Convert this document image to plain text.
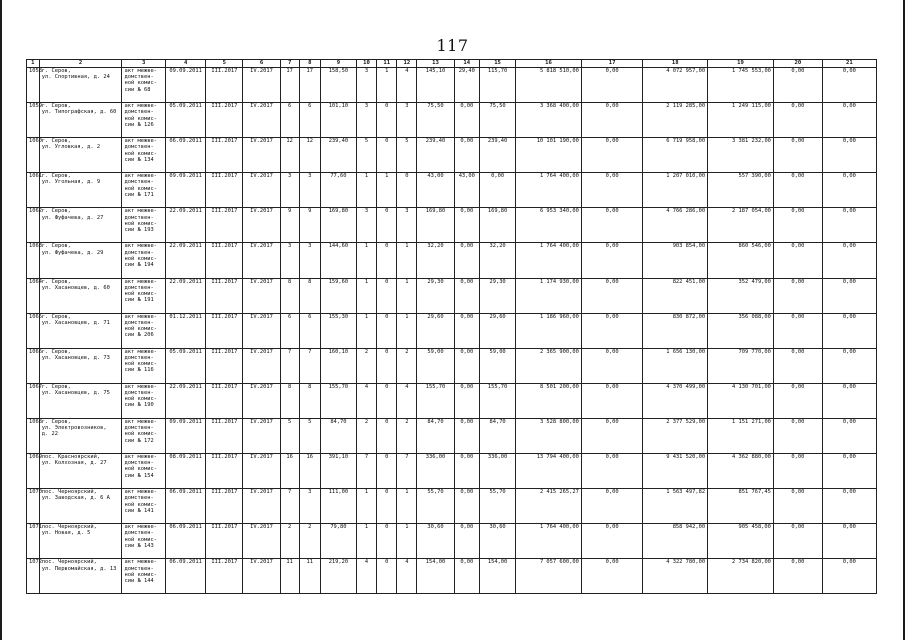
117
1	2	3	4	5	6	7	8	9	10	11	12	13	14	15	16	17	18	19	20	21
1058	г. Серов,
ул. Спортивная, д. 24	акт межве-
домствен-
ной комис-
сии № 68	09.09.2011	III.2017	IV.2017	17	17	158,50	3	1	4	145,10	29,40	115,70	5 818 510,00	0,00	4 072 957,00	1 745 553,00	0,00	0,00
1059	г. Серов,
ул. Типографская, д. 60	акт межве-
домствен-
ной комис-
сии № 126	05.09.2011	III.2017	IV.2017	6	6	101,10	3	0	3	75,50	0,00	75,50	3 368 400,00	0,00	2 119 285,00	1 249 115,00	0,00	0,00
1060	г. Серов,
ул. Угловкая, д. 2	акт межве-
домствен-
ной комис-
сии № 134	06.09.2011	III.2017	IV.2017	12	12	239,40	5	0	5	239,40	0,00	239,40	10 101 190,00	0,00	6 719 958,00	3 381 232,00	0,00	0,00
1061	г. Серов,
ул. Угольная, д. 9	акт межве-
домствен-
ной комис-
сии № 171	09.09.2011	III.2017	IV.2017	3	3	77,60	1	1	0	43,00	43,00	0,00	1 764 400,00	0,00	1 207 010,00	557 390,00	0,00	0,00
1062	г. Серов,
ул. Фуфачева, д. 27	акт межве-
домствен-
ной комис-
сии № 193	22.09.2011	III.2017	IV.2017	9	9	169,80	3	0	3	169,80	0,00	169,80	6 953 340,00	0,00	4 766 286,00	2 187 054,00	0,00	0,00
1063	г. Серов,
ул. Фуфачева, д. 29	акт межве-
домствен-
ной комис-
сии № 194	22.09.2011	III.2017	IV.2017	3	3	144,60	1	0	1	32,20	0,00	32,20	1 764 400,00	0,00	903 854,00	860 546,00	0,00	0,00
1064	г. Серов,
ул. Хасановцев, д. 60	акт межве-
домствен-
ной комис-
сии № 191	22.09.2011	III.2017	IV.2017	8	8	159,60	1	0	1	29,30	0,00	29,30	1 174 930,00	0,00	822 451,00	352 479,00	0,00	0,00
1065	г. Серов,
ул. Хасановцев, д. 71	акт межве-
домствен-
ной комис-
сии № 206	01.12.2011	III.2017	IV.2017	6	6	155,30	1	0	1	29,60	0,00	29,60	1 186 960,00	0,00	830 872,00	356 088,00	0,00	0,00
1066	г. Серов,
ул. Хасановцев, д. 73	акт межве-
домствен-
ной комис-
сии № 116	05.09.2011	III.2017	IV.2017	7	7	160,10	2	0	2	59,00	0,00	59,00	2 365 900,00	0,00	1 656 130,00	709 770,00	0,00	0,00
1067	г. Серов,
ул. Хасановцев, д. 75	акт межве-
домствен-
ной комис-
сии № 190	22.09.2011	III.2017	IV.2017	8	8	155,70	4	0	4	155,70	0,00	155,70	8 501 200,00	0,00	4 370 499,00	4 130 701,00	0,00	0,00
1068	г. Серов,
ул. Электровозников,
д. 22	акт межве-
домствен-
ной комис-
сии № 172	09.09.2011	III.2017	IV.2017	5	5	84,70	2	0	2	84,70	0,00	84,70	3 528 800,00	0,00	2 377 529,00	1 151 271,00	0,00	0,00
1069	пос. Красноярский,
ул. Колхозная, д. 27	акт межве-
домствен-
ной комис-
сии № 154	08.09.2011	III.2017	IV.2017	16	16	391,10	7	0	7	336,00	0,00	336,00	13 794 400,00	0,00	9 431 520,00	4 362 880,00	0,00	0,00
1070	пос. Черноярский,
ул. Заводская, д. 6 А	акт межве-
домствен-
ной комис-
сии № 141	06.09.2011	III.2017	IV.2017	7	3	111,00	1	0	1	55,70	0,00	55,70	2 415 265,27	0,00	1 563 497,82	851 767,45	0,00	0,00
1071	пос. Черноярский,
ул. Новая, д. 5	акт межве-
домствен-
ной комис-
сии № 143	06.09.2011	III.2017	IV.2017	2	2	79,80	1	0	1	30,60	0,00	30,60	1 764 400,00	0,00	858 942,00	905 458,00	0,00	0,00
1072	пос. Черноярский,
ул. Первомайская, д. 13	акт межве-
домствен-
ной комис-
сии № 144	06.09.2011	III.2017	IV.2017	11	11	219,20	4	0	4	154,00	0,00	154,00	7 057 600,00	0,00	4 322 780,00	2 734 820,00	0,00	0,00
